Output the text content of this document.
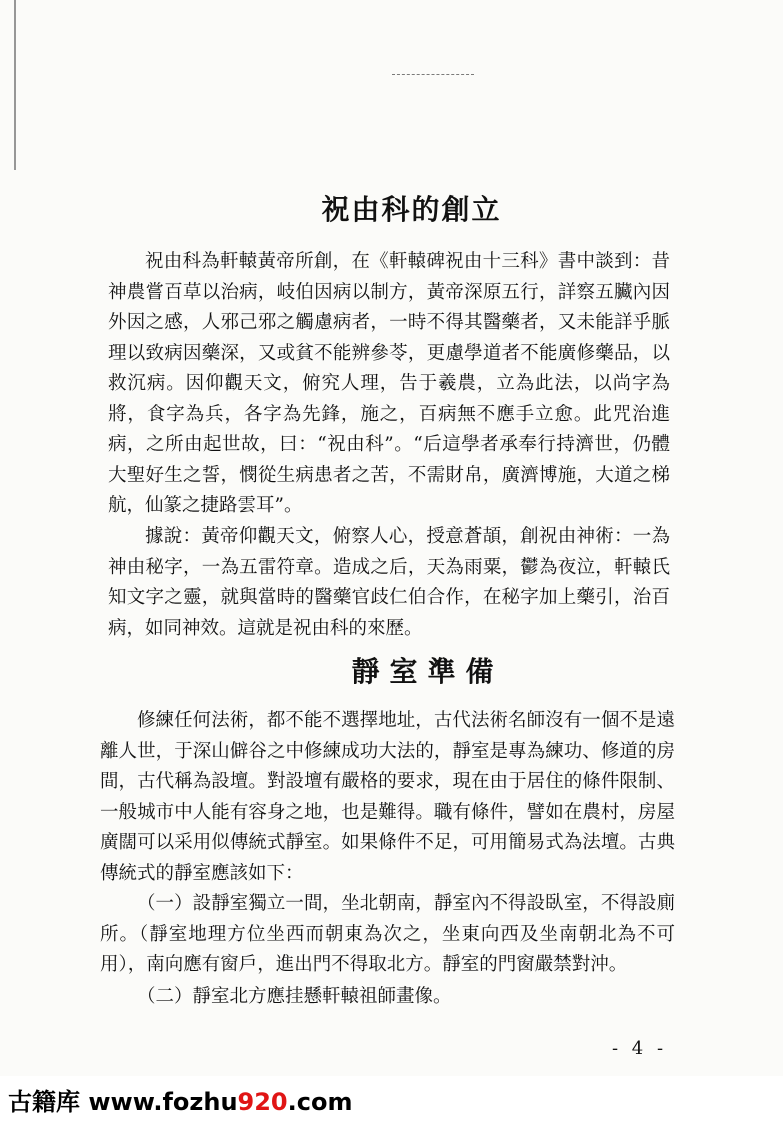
祝由科的創立
祝由科為軒轅黃帝所創，在《軒轅碑祝由十三科》書中談到：昔神農嘗百草以治病，岐伯因病以制方，黃帝深原五行，詳察五臟內因外因之感，人邪己邪之觸慮病者，一時不得其醫藥者，又未能詳乎脈理以致病因藥深，又或貧不能辨參苓，更慮學道者不能廣修藥品，以救沉病。因仰觀天文，俯究人理，告于羲農，立為此法，以尚字為將，食字為兵，各字為先鋒，施之，百病無不應手立愈。此咒治進病，之所由起世故，曰：“祝由科”。“后這學者承奉行持濟世，仍體大聖好生之誓，憫從生病患者之苦，不需財帛，廣濟博施，大道之梯航，仙篆之捷路雲耳”。
據說：黃帝仰觀天文，俯察人心，授意蒼頡，創祝由神術：一為神由秘字，一為五雷符章。造成之后，天為雨粟，鬱為夜泣，軒轅氏知文字之靈，就與當時的醫藥官歧仁伯合作，在秘字加上藥引，治百病，如同神效。這就是祝由科的來歷。
靜室準備
修練任何法術，都不能不選擇地址，古代法術名師沒有一個不是遠離人世，于深山僻谷之中修練成功大法的，靜室是專為練功、修道的房間，古代稱為設壇。對設壇有嚴格的要求，現在由于居住的條件限制、一般城市中人能有容身之地，也是難得。職有條件，譬如在農村，房屋廣闊可以采用似傳統式靜室。如果條件不足，可用簡易式為法壇。古典傳統式的靜室應該如下：
（一）設靜室獨立一間，坐北朝南，靜室內不得設臥室，不得設廁所。（靜室地理方位坐西而朝東為次之，坐東向西及坐南朝北為不可用），南向應有窗戶，進出門不得取北方。靜室的門窗嚴禁對沖。
（二）靜室北方應挂懸軒轅祖師畫像。
- 4 -
古籍库 www.fozhu920.com
